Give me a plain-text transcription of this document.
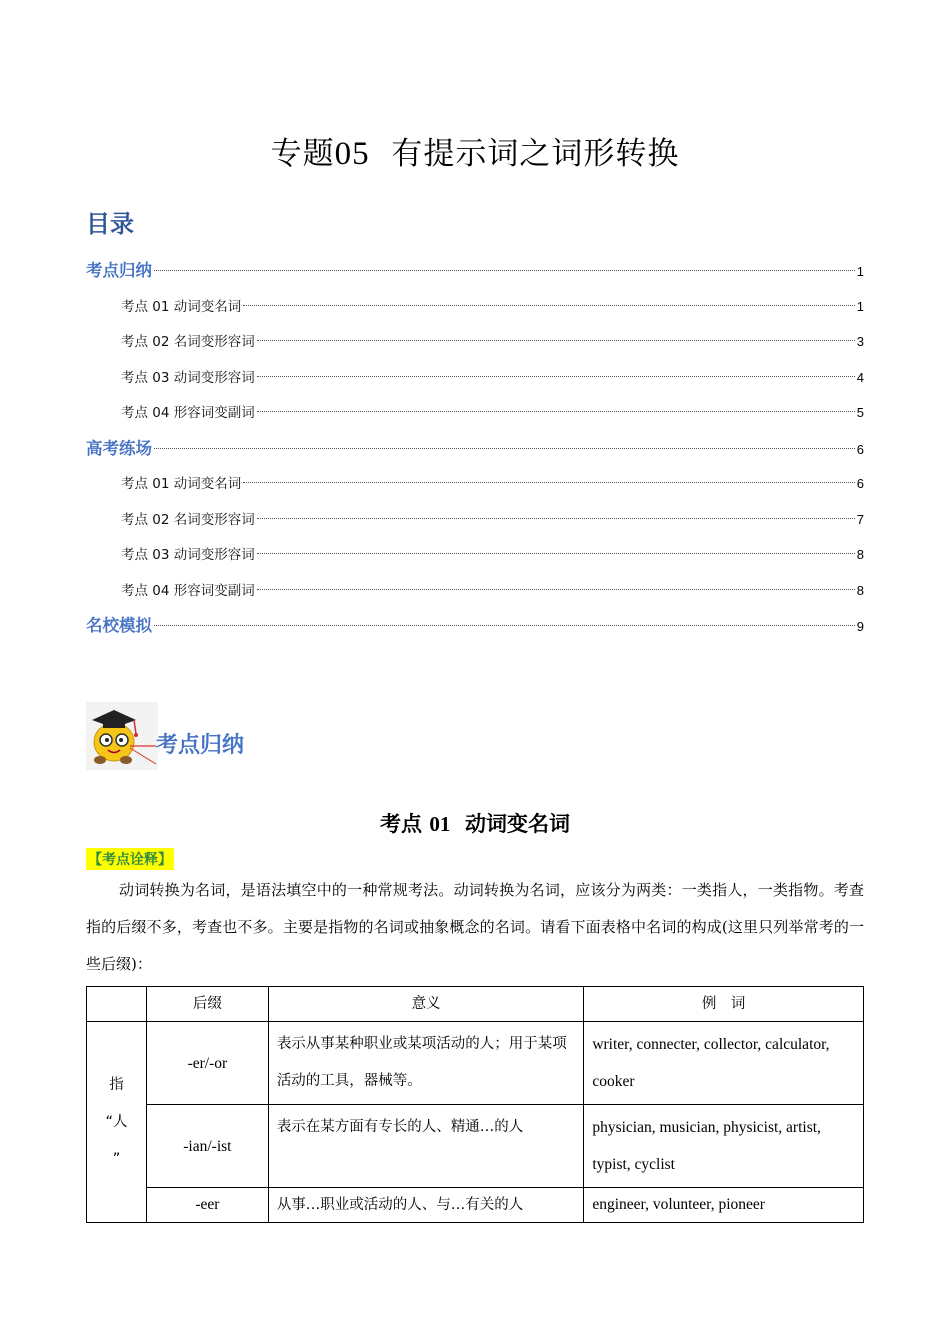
专题05 有提示词之词形转换
目录
考点归纳	1
考点 01 动词变名词	1
考点 02 名词变形容词	3
考点 03 动词变形容词	4
考点 04 形容词变副词	5
高考练场	6
考点 01 动词变名词	6
考点 02 名词变形容词	7
考点 03 动词变形容词	8
考点 04 形容词变副词	8
名校模拟	9
考点归纳
考点 01 动词变名词
【考点诠释】
动词转换为名词，是语法填空中的一种常规考法。动词转换为名词，应该分为两类：一类指人，一类指物。考查指的后缀不多，考查也不多。主要是指物的名词或抽象概念的名词。请看下面表格中名词的构成(这里只列举常考的一些后缀)：
	后缀	意义	例　词

指
“人
”	-er/-or	表示从事某种职业或某项活动的人；用于某项活动的工具，器械等。	writer, connecter, collector, calculator, cooker
	-ian/-ist	表示在某方面有专长的人、精通…的人	physician, musician, physicist, artist, typist, cyclist
	-eer	从事…职业或活动的人、与…有关的人	engineer, volunteer, pioneer
